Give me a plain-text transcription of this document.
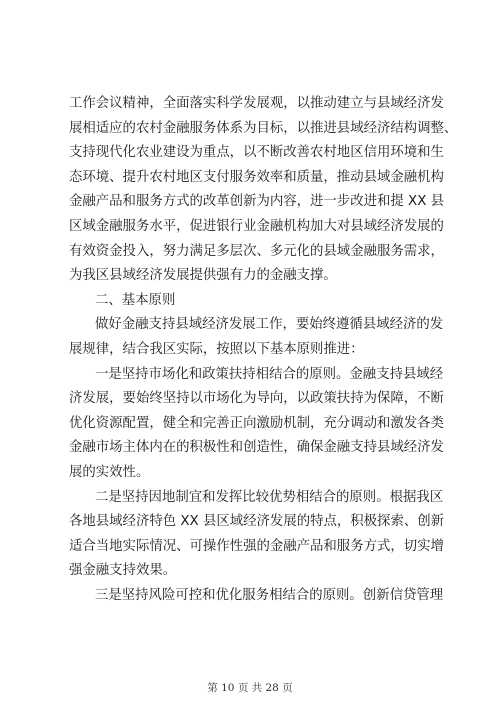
工作会议精神，全面落实科学发展观，以推动建立与县域经济发
展相适应的农村金融服务体系为目标，以推进县域经济结构调整、
支持现代化农业建设为重点，以不断改善农村地区信用环境和生
态环境、提升农村地区支付服务效率和质量，推动县域金融机构
金融产品和服务方式的改革创新为内容，进一步改进和提 XX 县
区域金融服务水平，促进银行业金融机构加大对县域经济发展的
有效资金投入，努力满足多层次、多元化的县域金融服务需求，
为我区县域经济发展提供强有力的金融支撑。
二、基本原则
做好金融支持县域经济发展工作，要始终遵循县域经济的发
展规律，结合我区实际，按照以下基本原则推进：
一是坚持市场化和政策扶持相结合的原则。金融支持县域经
济发展，要始终坚持以市场化为导向，以政策扶持为保障，不断
优化资源配置，健全和完善正向激励机制，充分调动和激发各类
金融市场主体内在的积极性和创造性，确保金融支持县域经济发
展的实效性。
二是坚持因地制宜和发挥比较优势相结合的原则。根据我区
各地县域经济特色 XX 县区域经济发展的特点，积极探索、创新
适合当地实际情况、可操作性强的金融产品和服务方式，切实增
强金融支持效果。
三是坚持风险可控和优化服务相结合的原则。创新信贷管理
第 10 页 共 28 页
